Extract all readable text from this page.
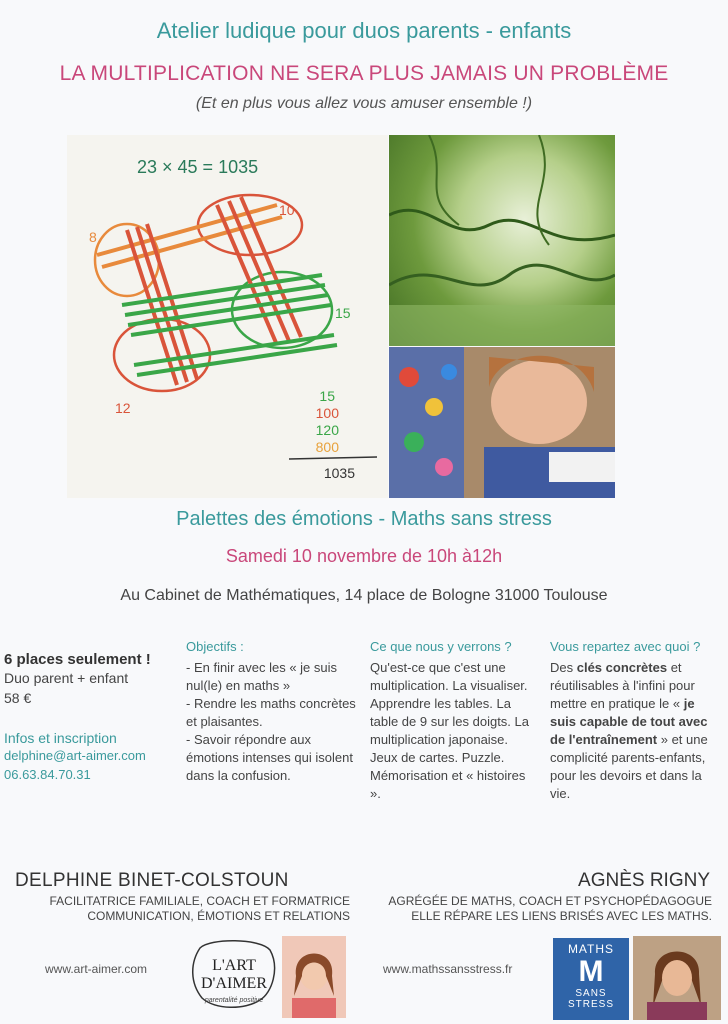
Atelier ludique pour duos parents - enfants
LA MULTIPLICATION NE SERA PLUS JAMAIS UN PROBLÈME
(Et en plus vous allez vous amuser ensemble !)
23 × 45 = 1035
8
10
15
12
15
100
120
800
1035
Palettes des émotions - Maths sans stress
Samedi 10 novembre de 10h à12h
Au Cabinet de Mathématiques, 14 place de Bologne 31000 Toulouse
6 places seulement !
Duo parent + enfant
58 €
Infos et inscription
delphine@art-aimer.com
06.63.84.70.31
Objectifs :

- En finir avec les « je suis nul(le) en maths »

- Rendre les maths concrètes et plaisantes.

- Savoir répondre aux émotions intenses qui isolent dans la confusion.

Ce que nous y verrons ?

Qu'est-ce que c'est une multiplication. La visualiser. Apprendre les tables. La table de 9 sur les doigts. La multiplication japonaise. Jeux de cartes. Puzzle. Mémorisation et « histoires ».

Vous repartez avec quoi ?

Des clés concrètes et réutilisables à l'infini pour mettre en pratique le « je suis capable de tout avec de l'entraînement » et une complicité parents-enfants, pour les devoirs et dans la vie.

DELPHINE BINET-COLSTOUN
FACILITATRICE FAMILIALE, COACH ET FORMATRICE
COMMUNICATION, ÉMOTIONS ET RELATIONS
AGNÈS RIGNY
AGRÉGÉE DE MATHS, COACH ET PSYCHOPÉDAGOGUE
ELLE RÉPARE LES LIENS BRISÉS AVEC LES MATHS.
www.art-aimer.com	L'ART
D'AIMER
parentalité positive
www.mathssansstress.fr
MATHS
M
SANS
STRESS
